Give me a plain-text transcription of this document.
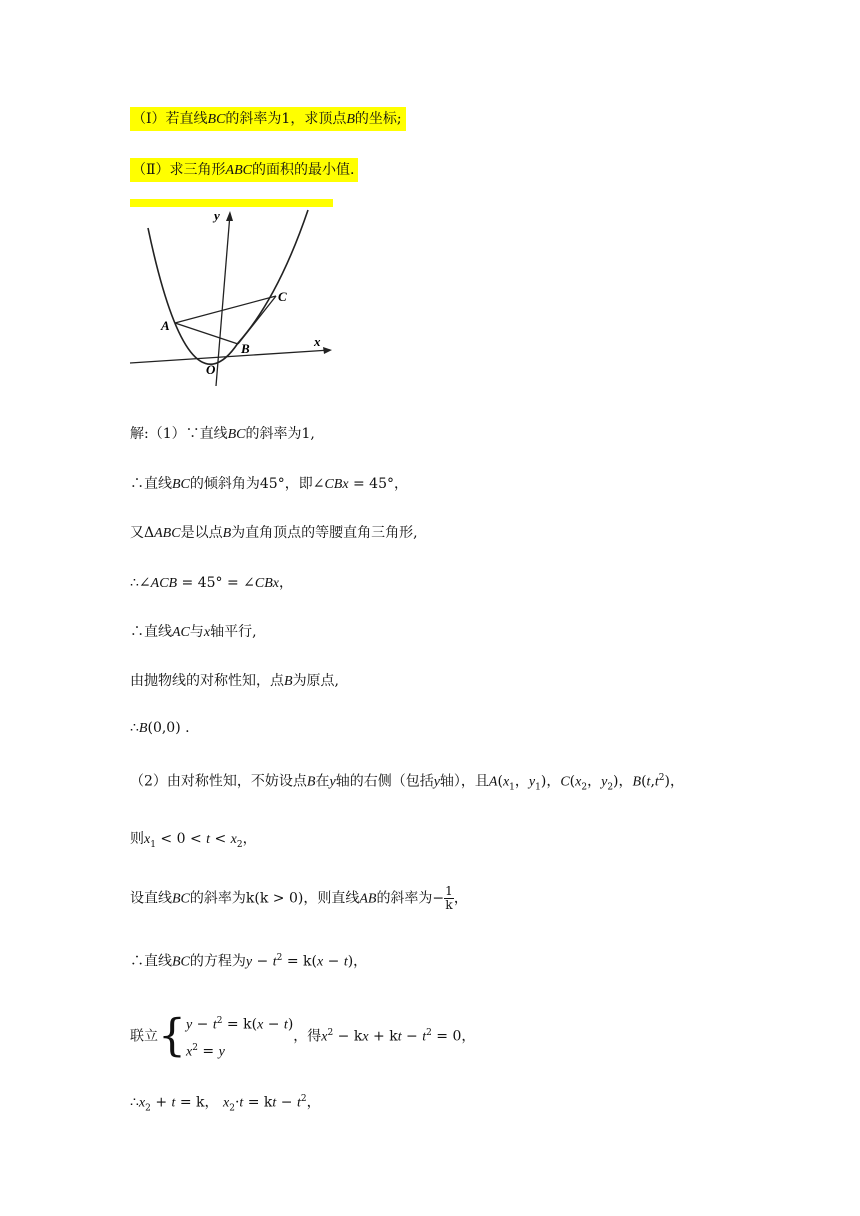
（Ⅰ）若直线BC的斜率为1，求顶点B的坐标;
（Ⅱ）求三角形ABC的面积的最小值.
y
x
A
B
C
O
解:（1）∵直线BC的斜率为1,
∴直线BC的倾斜角为45°，即∠CBx = 45°，
又ΔABC是以点B为直角顶点的等腰直角三角形,
∴∠ACB = 45° = ∠CBx，
∴直线AC与x轴平行,
由抛物线的对称性知，点B为原点,
∴B(0,0) .
（2）由对称性知，不妨设点B在y轴的右侧（包括y轴），且$A(x_1$，$y_1$)，$C(x_2$，$y_2$)，$B(t,t^2)$，
则$x_1 < 0 < t < x_2$，
设直线BC的斜率为k(k > 0)，则直线AB的斜率为− $\frac{1}{k}$ ，
∴直线BC的方程为$y - t^2 = k(x - t)$，
联立{ $y - t^2 = k(x - t)$
$x^2 = y$
，得$x^2$ − kx + kt − $t^2 = 0$，
$\therefore x_2 + t = k$， $x_2\cdot t$ = kt − $t^2$，
